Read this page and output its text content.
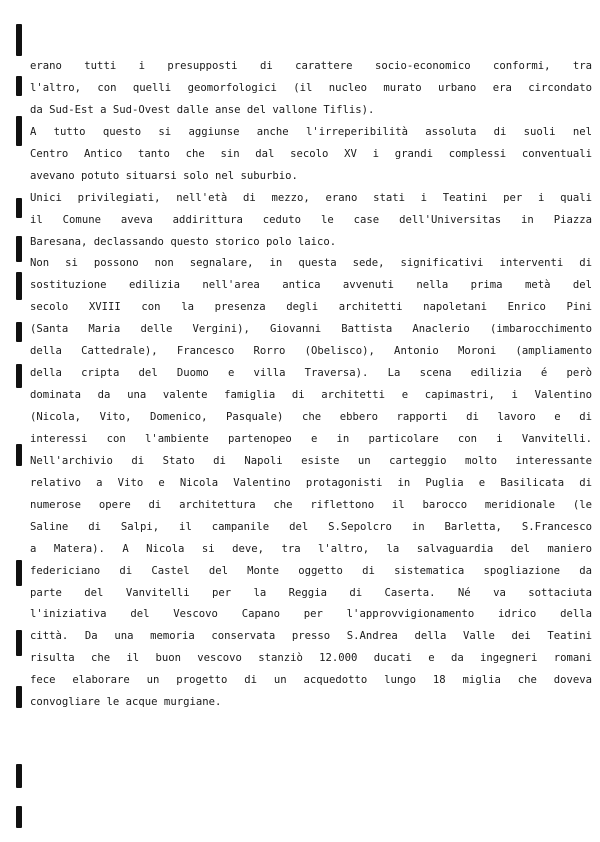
erano tutti i presupposti di carattere socio-economico conformi, tra
l'altro, con quelli geomorfologici (il nucleo murato urbano era circondato
da Sud-Est a Sud-Ovest dalle anse del vallone Tiflis).
A tutto questo si aggiunse anche l'irreperibilità assoluta di suoli nel
Centro Antico tanto che sin dal secolo XV i grandi complessi conventuali
avevano potuto situarsi solo nel suburbio.
Unici privilegiati, nell'età di mezzo, erano stati i Teatini per i quali
il Comune aveva addirittura ceduto le case dell'Universitas in Piazza
Baresana, declassando questo storico polo laico.
Non si possono non segnalare, in questa sede, significativi interventi di
sostituzione edilizia nell'area antica avvenuti nella prima metà del
secolo XVIII con la presenza degli architetti napoletani Enrico Pini
(Santa Maria delle Vergini), Giovanni Battista Anaclerio (imbarocchimento
della Cattedrale), Francesco Rorro (Obelisco), Antonio Moroni (ampliamento
della cripta del Duomo e villa Traversa). La scena edilizia é però
dominata da una valente famiglia di architetti e capimastri, i Valentino
(Nicola, Vito, Domenico, Pasquale) che ebbero rapporti di lavoro e di
interessi con l'ambiente partenopeo e in particolare con i Vanvitelli.
Nell'archivio di Stato di Napoli esiste un carteggio molto interessante
relativo a Vito e Nicola Valentino protagonisti in Puglia e Basilicata di
numerose opere di architettura che riflettono il barocco meridionale (le
Saline di Salpi, il campanile del S.Sepolcro in Barletta, S.Francesco
a Matera). A Nicola si deve, tra l'altro, la salvaguardia del maniero
federiciano di Castel del Monte oggetto di sistematica spogliazione da
parte del Vanvitelli per la Reggia di Caserta. Né va sottaciuta
l'iniziativa del Vescovo Capano per l'approvvigionamento idrico della
città. Da una memoria conservata presso S.Andrea della Valle dei Teatini
risulta che il buon vescovo stanziò 12.000 ducati e da ingegneri romani
fece elaborare un progetto di un acquedotto lungo 18 miglia che doveva
convogliare le acque murgiane.
